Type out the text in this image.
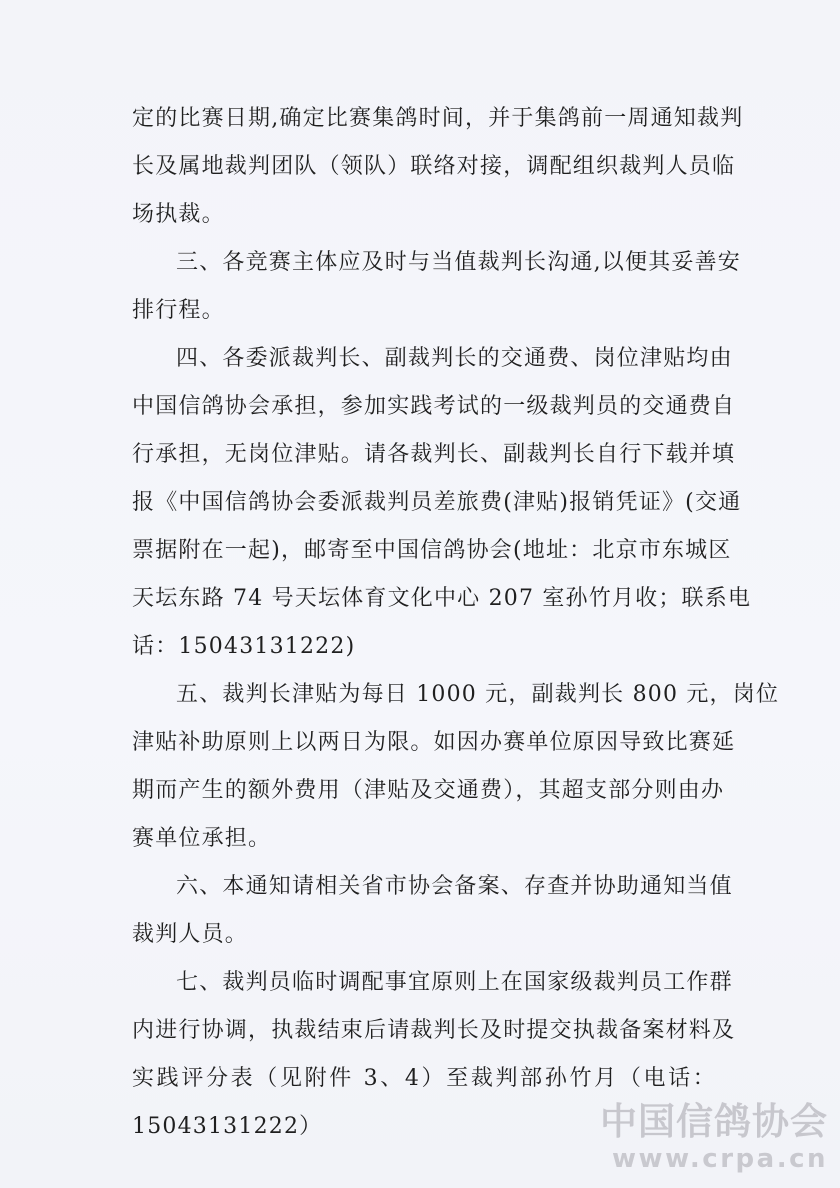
定的比赛日期,确定比赛集鸽时间，并于集鸽前一周通知裁判
长及属地裁判团队（领队）联络对接，调配组织裁判人员临
场执裁。
三、各竞赛主体应及时与当值裁判长沟通,以便其妥善安
排行程。
四、各委派裁判长、副裁判长的交通费、岗位津贴均由
中国信鸽协会承担，参加实践考试的一级裁判员的交通费自
行承担，无岗位津贴。请各裁判长、副裁判长自行下载并填
报《中国信鸽协会委派裁判员差旅费(津贴)报销凭证》(交通
票据附在一起)，邮寄至中国信鸽协会(地址：北京市东城区
天坛东路 74 号天坛体育文化中心 207 室孙竹月收；联系电
话：15043131222)
五、裁判长津贴为每日 1000 元，副裁判长 800 元，岗位
津贴补助原则上以两日为限。如因办赛单位原因导致比赛延
期而产生的额外费用（津贴及交通费），其超支部分则由办
赛单位承担。
六、本通知请相关省市协会备案、存查并协助通知当值
裁判人员。
七、裁判员临时调配事宜原则上在国家级裁判员工作群
内进行协调，执裁结束后请裁判长及时提交执裁备案材料及
实践评分表（见附件 3、4）至裁判部孙竹月（电话：
15043131222）	中国信鸽协会
www.crpa.cn
